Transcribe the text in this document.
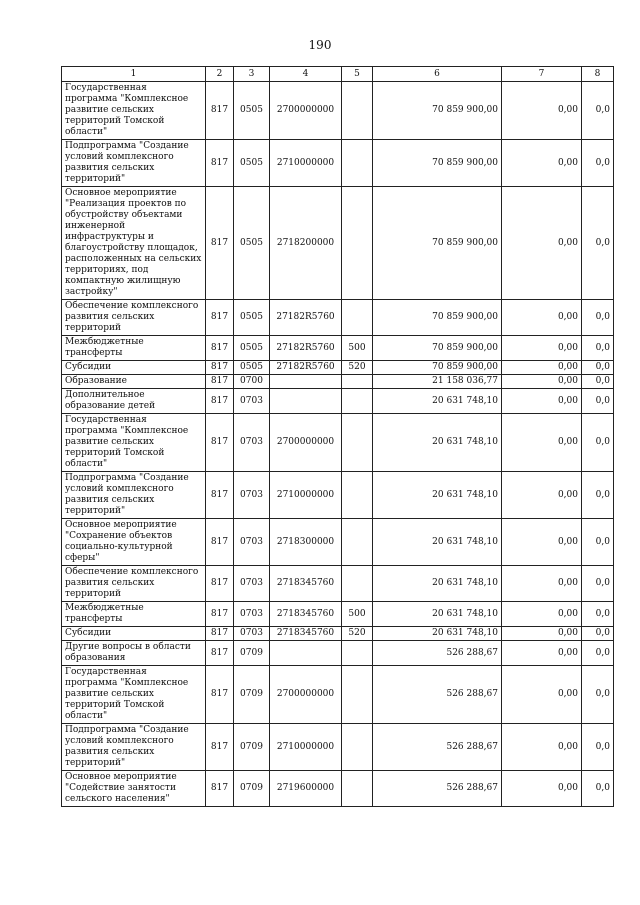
190
1	2	3	4	5	6	7	8
Государственная программа "Комплексное развитие сельских территорий Томской области"	817	0505	2700000000		70 859 900,00	0,00	0,0
Подпрограмма "Создание условий комплексного развития сельских территорий"	817	0505	2710000000		70 859 900,00	0,00	0,0
Основное мероприятие "Реализация проектов по обустройству объектами инженерной инфраструктуры и благоустройству площадок, расположенных на сельских территориях, под компактную жилищную застройку"	817	0505	2718200000		70 859 900,00	0,00	0,0
Обеспечение комплексного развития сельских территорий	817	0505	27182R5760		70 859 900,00	0,00	0,0
Межбюджетные трансферты	817	0505	27182R5760	500	70 859 900,00	0,00	0,0
Субсидии	817	0505	27182R5760	520	70 859 900,00	0,00	0,0
Образование	817	0700			21 158 036,77	0,00	0,0
Дополнительное образование детей	817	0703			20 631 748,10	0,00	0,0
Государственная программа "Комплексное развитие сельских территорий Томской области"	817	0703	2700000000		20 631 748,10	0,00	0,0
Подпрограмма "Создание условий комплексного развития сельских территорий"	817	0703	2710000000		20 631 748,10	0,00	0,0
Основное мероприятие "Сохранение объектов социально-культурной сферы"	817	0703	2718300000		20 631 748,10	0,00	0,0
Обеспечение комплексного развития сельских территорий	817	0703	2718345760		20 631 748,10	0,00	0,0
Межбюджетные трансферты	817	0703	2718345760	500	20 631 748,10	0,00	0,0
Субсидии	817	0703	2718345760	520	20 631 748,10	0,00	0,0
Другие вопросы в области образования	817	0709			526 288,67	0,00	0,0
Государственная программа "Комплексное развитие сельских территорий Томской области"	817	0709	2700000000		526 288,67	0,00	0,0
Подпрограмма "Создание условий комплексного развития сельских территорий"	817	0709	2710000000		526 288,67	0,00	0,0
Основное мероприятие "Содействие занятости сельского населения"	817	0709	2719600000		526 288,67	0,00	0,0
